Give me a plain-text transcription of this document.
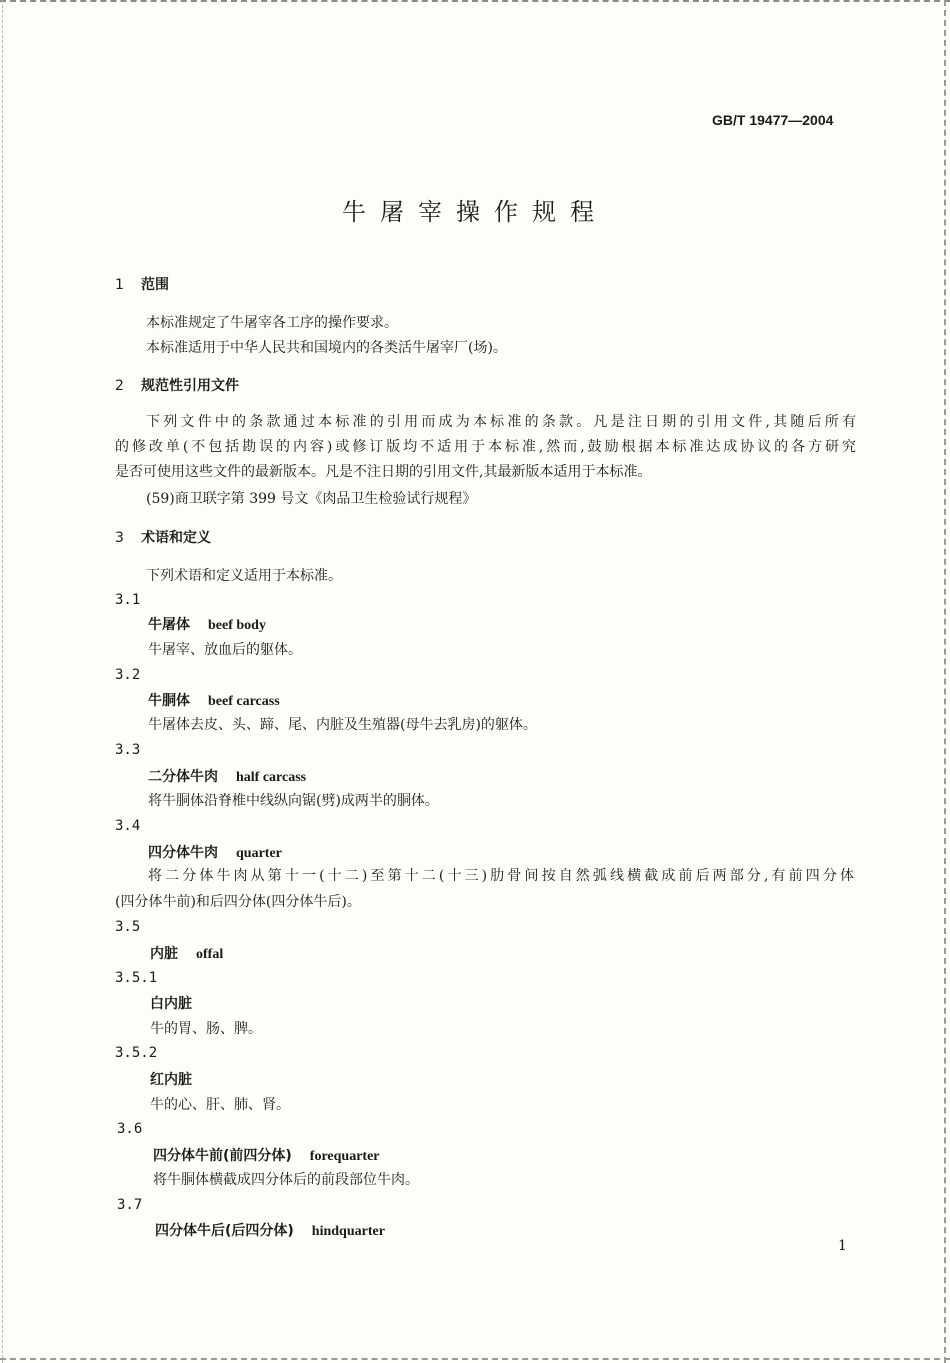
GB/T 19477—2004
牛屠宰操作规程
1 范围
本标准规定了牛屠宰各工序的操作要求。
本标准适用于中华人民共和国境内的各类活牛屠宰厂(场)。
2 规范性引用文件
下列文件中的条款通过本标准的引用而成为本标准的条款。凡是注日期的引用文件,其随后所有
的修改单(不包括勘误的内容)或修订版均不适用于本标准,然而,鼓励根据本标准达成协议的各方研究
是否可使用这些文件的最新版本。凡是不注日期的引用文件,其最新版本适用于本标准。
(59)商卫联字第 399 号文《肉品卫生检验试行规程》
3 术语和定义
下列术语和定义适用于本标准。
3.1
牛屠体 beef body
牛屠宰、放血后的躯体。
3.2
牛胴体 beef carcass
牛屠体去皮、头、蹄、尾、内脏及生殖器(母牛去乳房)的躯体。
3.3
二分体牛肉 half carcass
将牛胴体沿脊椎中线纵向锯(劈)成两半的胴体。
3.4
四分体牛肉 quarter
将二分体牛肉从第十一(十二)至第十二(十三)肋骨间按自然弧线横截成前后两部分,有前四分体
(四分体牛前)和后四分体(四分体牛后)。
3.5
内脏 offal
3.5.1
白内脏
牛的胃、肠、脾。
3.5.2
红内脏
牛的心、肝、肺、肾。
3.6
四分体牛前(前四分体) forequarter
将牛胴体横截成四分体后的前段部位牛肉。
3.7
四分体牛后(后四分体) hindquarter
1
